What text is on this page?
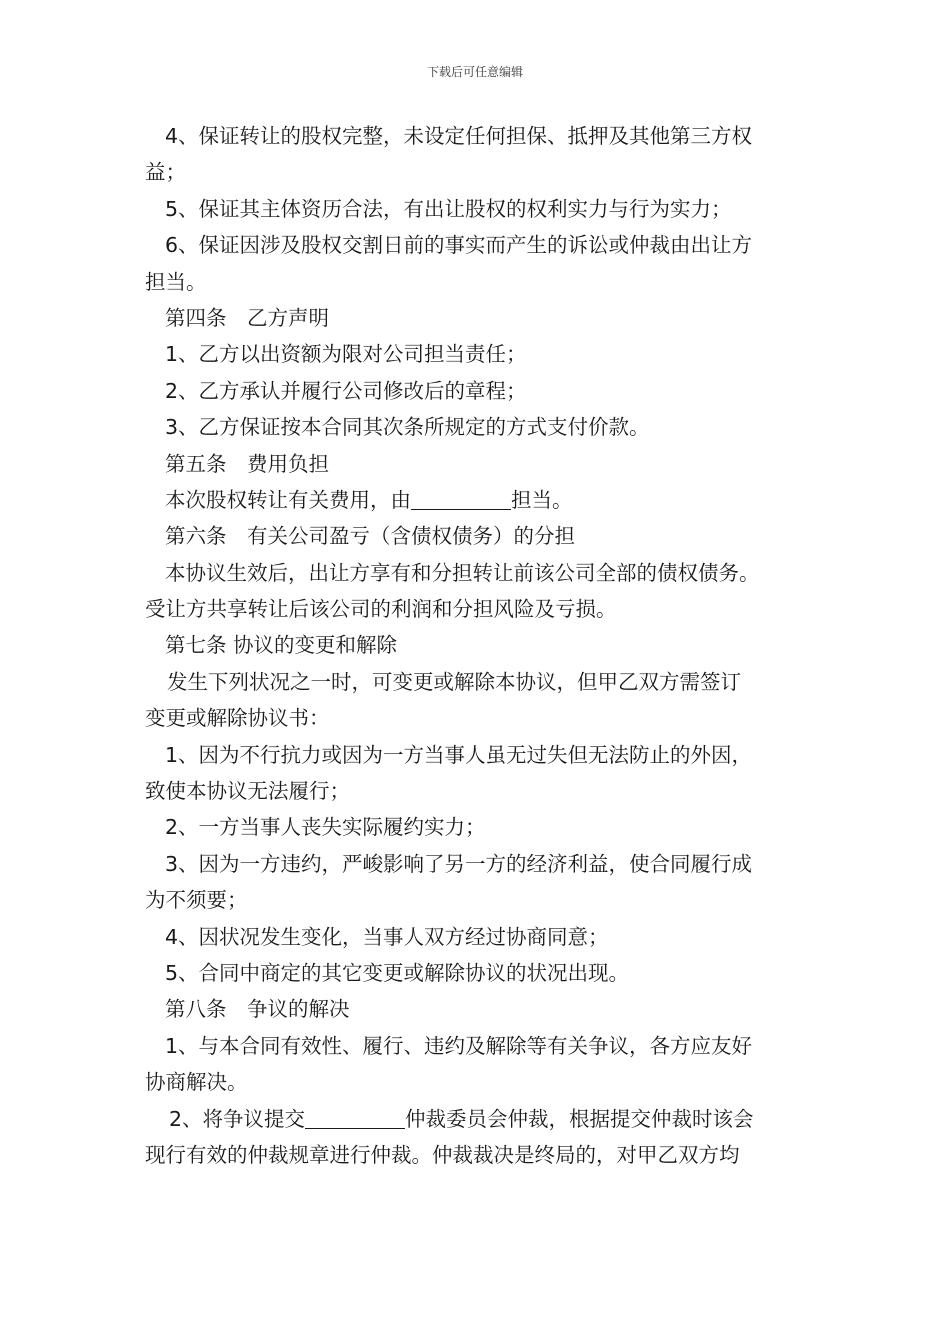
下载后可任意编辑
4、保证转让的股权完整，未设定任何担保、抵押及其他第三方权
益；
5、保证其主体资历合法，有出让股权的权利实力与行为实力；
6、保证因涉及股权交割日前的事实而产生的诉讼或仲裁由出让方
担当。
第四条　乙方声明
1、乙方以出资额为限对公司担当责任；
2、乙方承认并履行公司修改后的章程；
3、乙方保证按本合同其次条所规定的方式支付价款。
第五条　费用负担
本次股权转让有关费用，由	担当。
第六条　有关公司盈亏（含债权债务）的分担
本协议生效后，出让方享有和分担转让前该公司全部的债权债务。
受让方共享转让后该公司的利润和分担风险及亏损。
第七条 协议的变更和解除
发生下列状况之一时，可变更或解除本协议，但甲乙双方需签订
变更或解除协议书：
1、因为不行抗力或因为一方当事人虽无过失但无法防止的外因，
致使本协议无法履行；
2、一方当事人丧失实际履约实力；
3、因为一方违约，严峻影响了另一方的经济利益，使合同履行成
为不须要；
4、因状况发生变化，当事人双方经过协商同意；
5、合同中商定的其它变更或解除协议的状况出现。
第八条　争议的解决
1、与本合同有效性、履行、违约及解除等有关争议，各方应友好
协商解决。
2、将争议提交	仲裁委员会仲裁，根据提交仲裁时该会
现行有效的仲裁规章进行仲裁。仲裁裁决是终局的，对甲乙双方均
